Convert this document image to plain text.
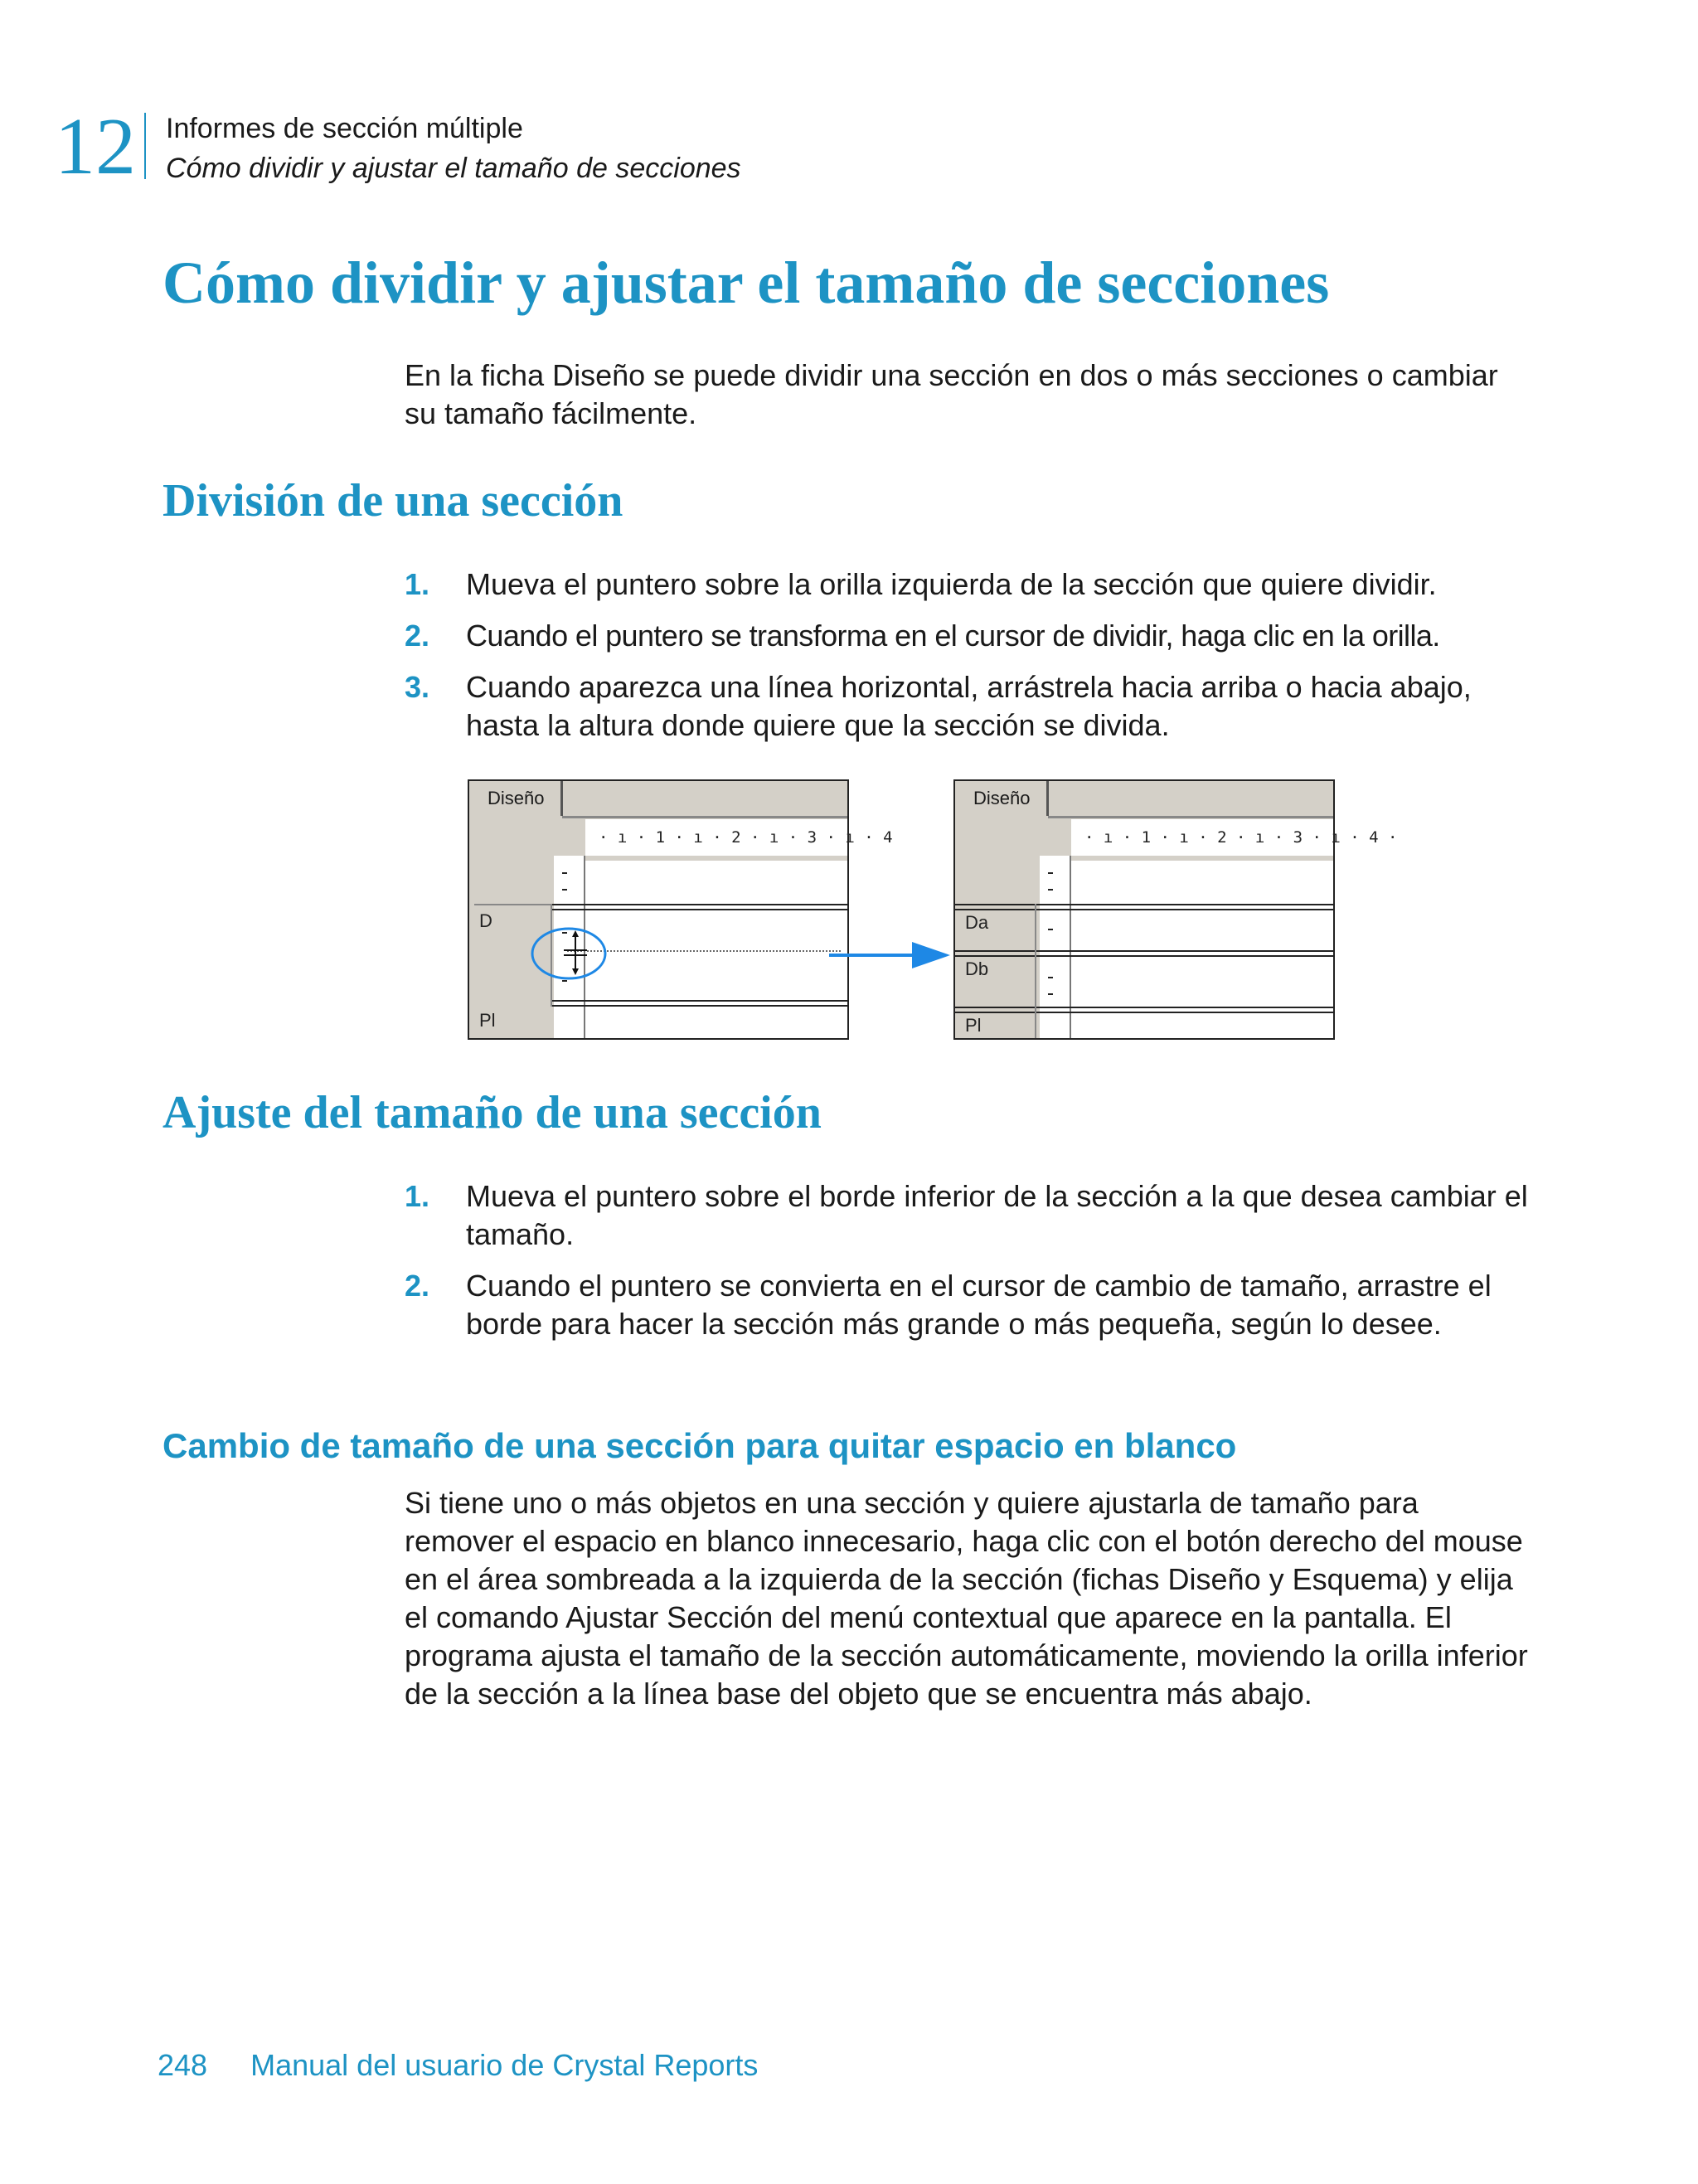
12 Informes de sección múltiple
Cómo dividir y ajustar el tamaño de secciones
Cómo dividir y ajustar el tamaño de secciones

En la ficha Diseño se puede dividir una sección en dos o más secciones o cambiar su tamaño fácilmente.

División de una sección
1. Mueva el puntero sobre la orilla izquierda de la sección que quiere dividir.
2. Cuando el puntero se transforma en el cursor de dividir, haga clic en la orilla.
3. Cuando aparezca una línea horizontal, arrástrela hacia arriba o hacia abajo, hasta la altura donde quiere que la sección se divida.
Diseño
· ı · 1 · ı · 2 · ı · 3 · ı · 4
D
Pl
Diseño
· ı · 1 · ı · 2 · ı · 3 · ı · 4 ·
Da
Db
Pl
Ajuste del tamaño de una sección
1. Mueva el puntero sobre el borde inferior de la sección a la que desea cambiar el tamaño.
2. Cuando el puntero se convierta en el cursor de cambio de tamaño, arrastre el borde para hacer la sección más grande o más pequeña, según lo desee.
Cambio de tamaño de una sección para quitar espacio en blanco

Si tiene uno o más objetos en una sección y quiere ajustarla de tamaño para remover el espacio en blanco innecesario, haga clic con el botón derecho del mouse en el área sombreada a la izquierda de la sección (fichas Diseño y Esquema) y elija el comando Ajustar Sección del menú contextual que aparece en la pantalla. El programa ajusta el tamaño de la sección automáticamente, moviendo la orilla inferior de la sección a la línea base del objeto que se encuentra más abajo.

248 Manual del usuario de Crystal Reports
